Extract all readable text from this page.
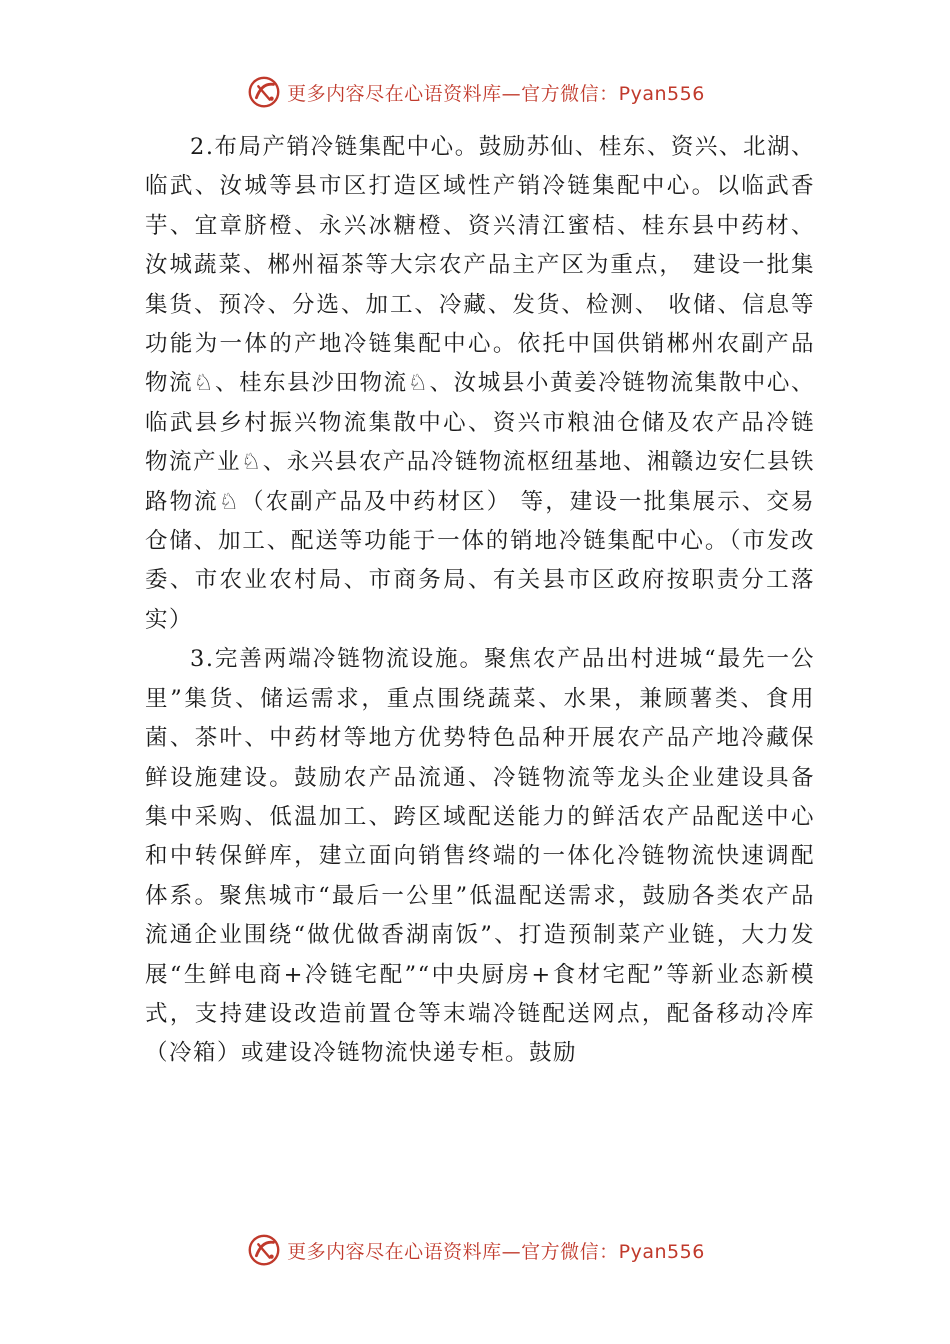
更多内容尽在心语资料库—官方微信：Pyan556

2.布局产销冷链集配中心。鼓励苏仙、桂东、资兴、北湖、临武、汝城等县市区打造区域性产销冷链集配中心。以临武香芋、宜章脐橙、永兴冰糖橙、资兴清江蜜桔、桂东县中药材、汝城蔬菜、郴州福茶等大宗农产品主产区为重点， 建设一批集集货、预冷、分选、加工、冷藏、发货、检测、 收储、信息等功能为一体的产地冷链集配中心。依托中国供销郴州农副产品物流♘、桂东县沙田物流♘、汝城县小黄姜冷链物流集散中心、临武县乡村振兴物流集散中心、资兴市粮油仓储及农产品冷链物流产业♘、永兴县农产品冷链物流枢纽基地、湘赣边安仁县铁路物流♘（农副产品及中药材区） 等，建设一批集展示、交易仓储、加工、配送等功能于一体的销地冷链集配中心。（市发改委、市农业农村局、市商务局、有关县市区政府按职责分工落实）

3.完善两端冷链物流设施。聚焦农产品出村进城“最先一公里”集货、储运需求，重点围绕蔬菜、水果，兼顾薯类、食用菌、茶叶、中药材等地方优势特色品种开展农产品产地冷藏保鲜设施建设。鼓励农产品流通、冷链物流等龙头企业建设具备集中采购、低温加工、跨区域配送能力的鲜活农产品配送中心和中转保鲜库，建立面向销售终端的一体化冷链物流快速调配体系。聚焦城市“最后一公里”低温配送需求，鼓励各类农产品流通企业围绕“做优做香湖南饭”、打造预制菜产业链，大力发展“生鲜电商+冷链宅配”“中央厨房+食材宅配”等新业态新模式，支持建设改造前置仓等末端冷链配送网点，配备移动冷库（冷箱）或建设冷链物流快递专柜。鼓励

更多内容尽在心语资料库—官方微信：Pyan556
